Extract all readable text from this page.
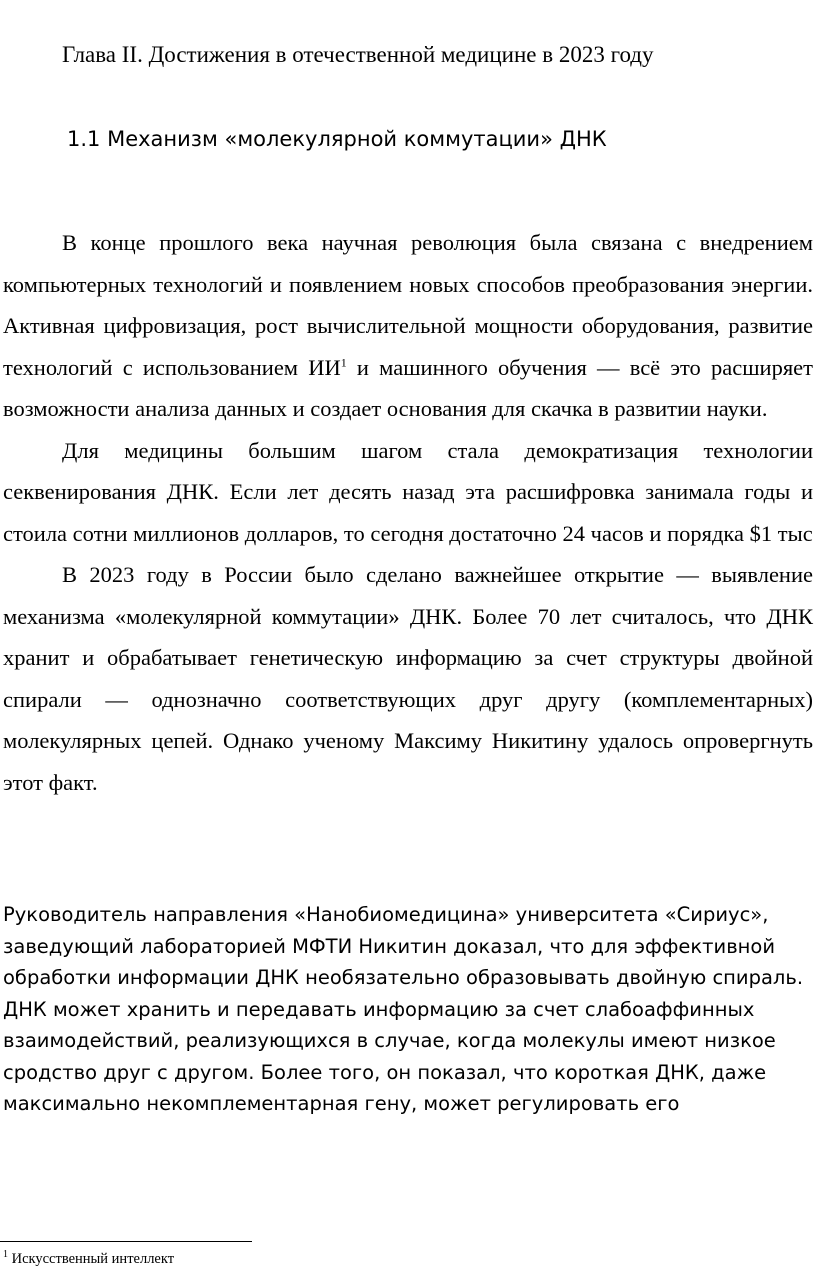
Глава II. Достижения в отечественной медицине в 2023 году
1.1 Механизм «молекулярной коммутации» ДНК

В конце прошлого века научная революция была связана с внедрением компьютерных технологий и появлением новых способов преобразования энергии. Активная цифровизация, рост вычислительной мощности оборудования, развитие технологий с использованием $ИИ^1$ и машинного обучения — всё это расширяет возможности анализа данных и создает основания для скачка в развитии науки.

Для медицины большим шагом стала демократизация технологии секвенирования ДНК. Если лет десять назад эта расшифровка занимала годы и стоила сотни миллионов долларов, то сегодня достаточно 24 часов и порядка $1 тыс

В 2023 году в России было сделано важнейшее открытие — выявление механизма «молекулярной коммутации» ДНК. Более 70 лет считалось, что ДНК хранит и обрабатывает генетическую информацию за счет структуры двойной спирали — однозначно соответствующих друг другу (комплементарных) молекулярных цепей. Однако ученому Максиму Никитину удалось опровергнуть этот факт.

Руководитель направления «Нанобиомедицина» университета «Сириус», заведующий лабораторией МФТИ Никитин доказал, что для эффективной обработки информации ДНК необязательно образовывать двойную спираль. ДНК может хранить и передавать информацию за счет слабоаффинных взаимодействий, реализующихся в случае, когда молекулы имеют низкое сродство друг с другом. Более того, он показал, что короткая ДНК, даже максимально некомплементарная гену, может регулировать его

$^1$ Искусственный интеллект
